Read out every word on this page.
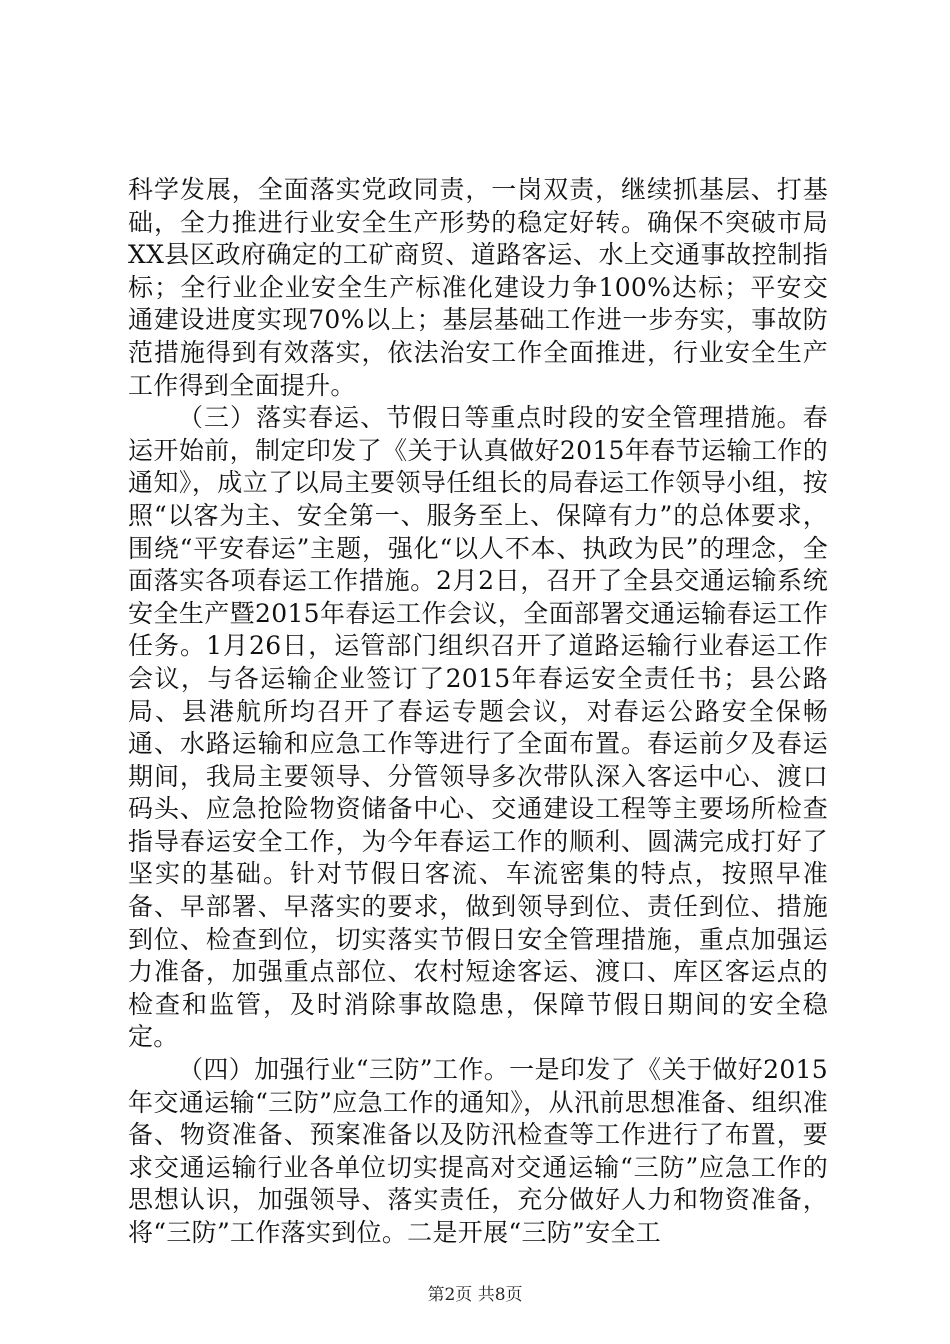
科学发展，全面落实党政同责，一岗双责，继续抓基层、打基础，全力推进行业安全生产形势的稳定好转。确保不突破市局XX县区政府确定的工矿商贸、道路客运、水上交通事故控制指标；全行业企业安全生产标准化建设力争100%达标；平安交通建设进度实现70%以上；基层基础工作进一步夯实，事故防范措施得到有效落实，依法治安工作全面推进，行业安全生产工作得到全面提升。

（三）落实春运、节假日等重点时段的安全管理措施。春运开始前，制定印发了《关于认真做好2015年春节运输工作的通知》，成立了以局主要领导任组长的局春运工作领导小组，按照“以客为主、安全第一、服务至上、保障有力”的总体要求，围绕“平安春运”主题，强化“以人不本、执政为民”的理念，全面落实各项春运工作措施。2月2日，召开了全县交通运输系统安全生产暨2015年春运工作会议，全面部署交通运输春运工作任务。1月26日，运管部门组织召开了道路运输行业春运工作会议，与各运输企业签订了2015年春运安全责任书；县公路局、县港航所均召开了春运专题会议，对春运公路安全保畅通、水路运输和应急工作等进行了全面布置。春运前夕及春运期间，我局主要领导、分管领导多次带队深入客运中心、渡口码头、应急抢险物资储备中心、交通建设工程等主要场所检查指导春运安全工作，为今年春运工作的顺利、圆满完成打好了坚实的基础。针对节假日客流、车流密集的特点，按照早准备、早部署、早落实的要求，做到领导到位、责任到位、措施到位、检查到位，切实落实节假日安全管理措施，重点加强运力准备，加强重点部位、农村短途客运、渡口、库区客运点的检查和监管，及时消除事故隐患，保障节假日期间的安全稳定。

（四）加强行业“三防”工作。一是印发了《关于做好2015年交通运输“三防”应急工作的通知》，从汛前思想准备、组织准备、物资准备、预案准备以及防汛检查等工作进行了布置，要求交通运输行业各单位切实提高对交通运输“三防”应急工作的思想认识，加强领导、落实责任，充分做好人力和物资准备，将“三防”工作落实到位。二是开展“三防”安全工

第2页 共8页
